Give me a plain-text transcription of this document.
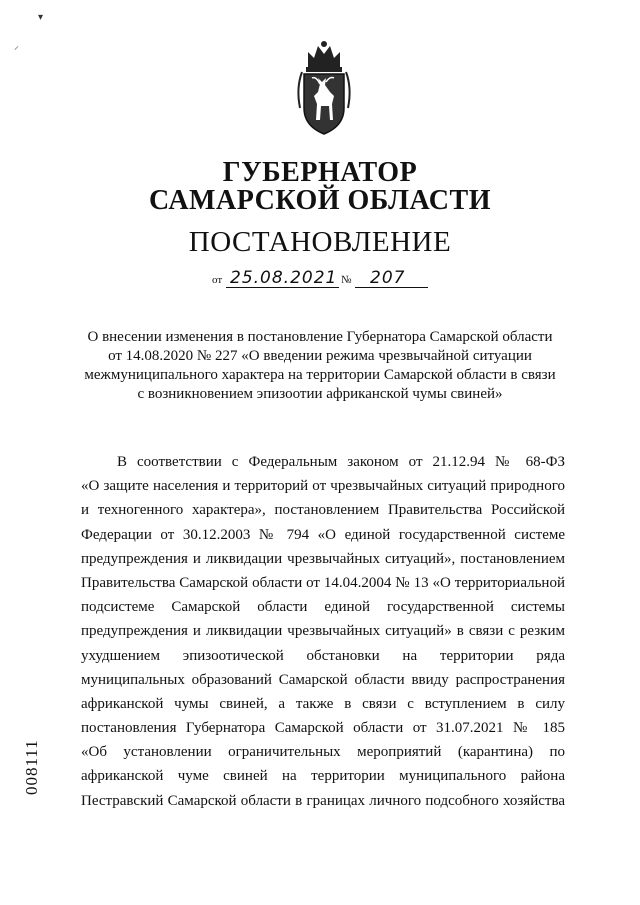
ГУБЕРНАТОР
САМАРСКОЙ ОБЛАСТИ
ПОСТАНОВЛЕНИЕ
от 25.08.2021 № 207
О внесении изменения в постановление Губернатора Самарской области
от 14.08.2020 № 227 «О введении режима чрезвычайной ситуации
межмуниципального характера на территории Самарской области в связи
с возникновением эпизоотии африканской чумы свиней»
В соответствии с Федеральным законом от 21.12.94 № 68-ФЗ
«О защите населения и территорий от чрезвычайных ситуаций природного
и техногенного характера», постановлением Правительства Российской
Федерации от 30.12.2003 № 794 «О единой государственной системе
предупреждения и ликвидации чрезвычайных ситуаций», постановлением
Правительства Самарской области от 14.04.2004 № 13 «О территориальной
подсистеме Самарской области единой государственной системы
предупреждения и ликвидации чрезвычайных ситуаций» в связи с резким
ухудшением эпизоотической обстановки на территории ряда
муниципальных образований Самарской области ввиду распространения
африканской чумы свиней, а также в связи с вступлением в силу
постановления Губернатора Самарской области от 31.07.2021 № 185
«Об установлении ограничительных мероприятий (карантина) по
африканской чуме свиней на территории муниципального района
Пестравский Самарской области в границах личного подсобного хозяйства
008111
▾
⸝
